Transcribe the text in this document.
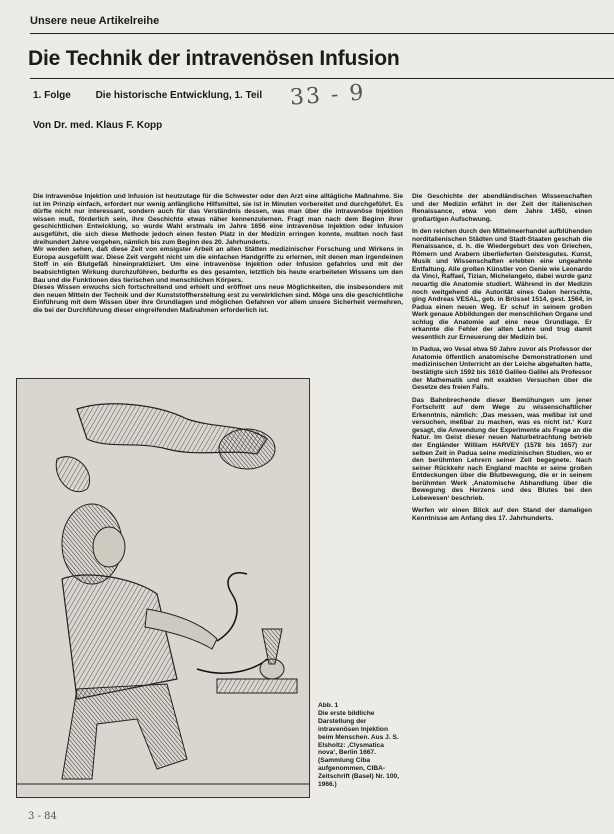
Unsere neue Artikelreihe
Die Technik der intravenösen Infusion
1. Folge Die historische Entwicklung, 1. Teil 33 - 9
Von Dr. med. Klaus F. Kopp

Die intravenöse Injektion und Infusion ist heutzutage für die Schwester oder den Arzt eine alltägliche Maßnahme. Sie ist im Prinzip einfach, erfordert nur wenig anfängliche Hilfsmittel, sie ist in Minuten vorbereitet und durchgeführt. Es dürfte nicht nur interessant, sondern auch für das Verständnis dessen, was man über die intravenöse Injektion wissen muß, förderlich sein, ihre Geschichte etwas näher kennenzulernen. Fragt man nach dem Beginn ihrer geschichtlichen Entwicklung, so wurde Wahl erstmals im Jahre 1656 eine intravenöse Injektion oder Infusion ausgeführt, die sich diese Methode jedoch einen festen Platz in der Medizin erringen konnte, mußten noch fast dreihundert Jahre vergehen, nämlich bis zum Beginn des 20. Jahrhunderts.

Wir werden sehen, daß diese Zeit von emsigster Arbeit an allen Stätten medizinischer Forschung und Wirkens in Europa ausgefüllt war. Diese Zeit vergeht nicht um die einfachen Handgriffe zu erlernen, mit denen man irgendeinen Stoff in ein Blutgefäß hineinpraktiziert. Um eine intravenöse Injektion oder Infusion gefahrlos und mit der beabsichtigten Wirkung durchzuführen, bedurfte es des gesamten, letztlich bis heute erarbeiteten Wissens um den Bau und die Funktionen des tierischen und menschlichen Körpers.

Dieses Wissen erwuchs sich fortschreitend und erhielt und eröffnet uns neue Möglichkeiten, die insbesondere mit den neuen Mitteln der Technik und der Kunststoffherstellung erst zu verwirklichen sind. Möge uns die geschichtliche Einführung mit dem Wissen über ihre Grundlagen und möglichen Gefahren vor allem unsere Sicherheit vermehren, die bei der Durchführung dieser eingreifenden Maßnahmen erforderlich ist.

Die Geschichte der abendländischen Wissenschaften und der Medizin erfährt in der Zeit der italienischen Renaissance, etwa von dem Jahre 1450, einen großartigen Aufschwung.

In den reichen durch den Mittelmeerhandel aufblühenden norditalienischen Städten und Stadt-Staaten geschah die Renaissance, d. h. die Wiedergeburt des von Griechen, Römern und Arabern überlieferten Geistesgutes. Kunst, Musik und Wissenschaften erlebten eine ungeahnte Entfaltung. Alle großen Künstler von Genie wie Leonardo da Vinci, Raffael, Tizian, Michelangelo, dabei wurde ganz neuartig die Anatomie studiert. Während in der Medizin noch weitgehend die Autorität eines Galen herrschte, ging Andreas VESAL, geb. in Brüssel 1514, gest. 1564, in Padua einen neuen Weg. Er schuf in seinem großen Werk genaue Abbildungen der menschlichen Organe und schlug die Anatomie auf eine neue Grundlage. Er erkannte die Fehler der alten Lehre und trug damit wesentlich zur Erneuerung der Medizin bei.

In Padua, wo Vesal etwa 50 Jahre zuvor als Professor der Anatomie öffentlich anatomische Demonstrationen und medizinischen Unterricht an der Leiche abgehalten hatte, bestätigte sich 1592 bis 1610 Galileo Galilei als Professor der Mathematik und mit exakten Versuchen über die Gesetze des freien Falls.

Das Bahnbrechende dieser Bemühungen um jener Fortschritt auf dem Wege zu wissenschaftlicher Erkenntnis, nämlich: ‚Das messen, was meßbar ist und versuchen, meßbar zu machen, was es nicht ist.‘ Kurz gesagt, die Anwendung der Experimente als Frage an die Natur. Im Geist dieser neuen Naturbetrachtung betrieb der Engländer William HARVEY (1578 bis 1657) zur selben Zeit in Padua seine medizinischen Studien, wo er den berühmten Lehrern seiner Zeit begegnete. Nach seiner Rückkehr nach England machte er seine großen Entdeckungen über die Blutbewegung, die er in seinem berühmten Werk ‚Anatomische Abhandlung über die Bewegung des Herzens und des Blutes bei den Lebewesen‘ beschrieb.

Werfen wir einen Blick auf den Stand der damaligen Kenntnisse am Anfang des 17. Jahrhunderts.

Abb. 1

Die erste bildliche Darstellung der intravenösen Injektion beim Menschen. Aus J. S. Elsholtz: ‚Clysmatica nova‘, Berlin 1667. (Sammlung Ciba aufgenommen, CIBA-Zeitschrift (Basel) Nr. 100, 1966.)

3 - 84
